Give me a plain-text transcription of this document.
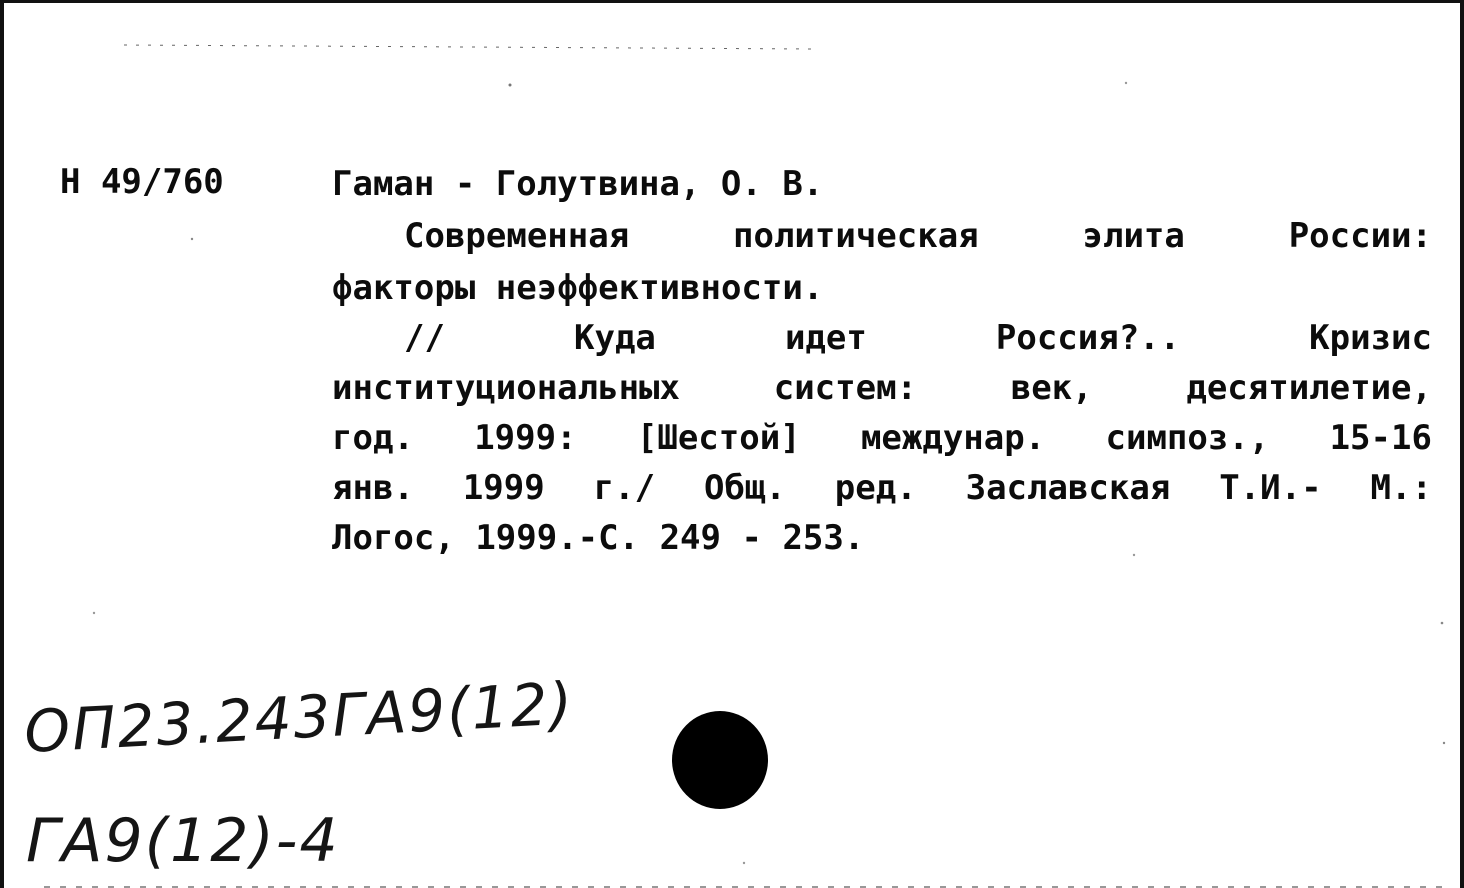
Н 49/760	Гаман - Голутвина, О. В.
Современная	политическая	элита	России:
факторы
неэффективности.
//	Куда	идет	Россия?..	Кризис
институциональных	систем:	век,	десятилетие,
год. 1999: [Шестой] междунар. симпоз., 15-16
янв. 1999 г./ Общ. ред. Заславская Т.И.- М.:
Логос,
1999.-С.
249
-
253.
ОП23.243ГА9(12)
ГА9(12)-4
